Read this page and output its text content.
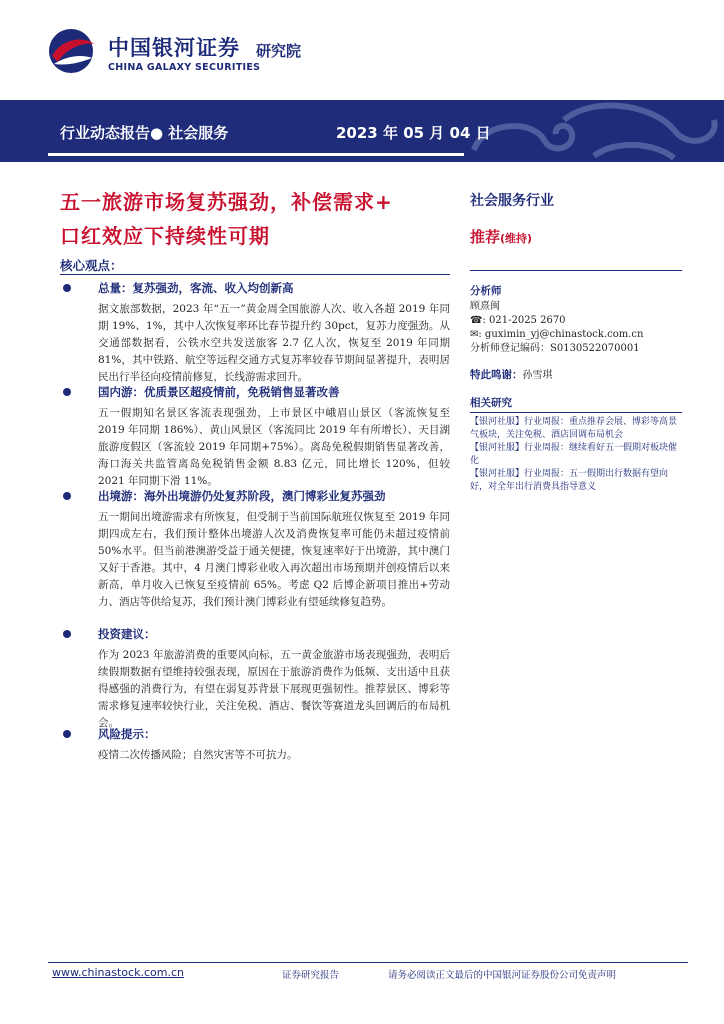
中国银河证券
CHINA GALAXY SECURITIES
研究院
行业动态报告● 社会服务	2023 年 05 月 04 日
五一旅游市场复苏强劲，补偿需求+
口红效应下持续性可期
核心观点：
总量：复苏强劲，客流、收入均创新高
据文旅部数据，2023 年“五一”黄金周全国旅游人次、收入各超 2019 年同期 19%、1%，其中人次恢复率环比春节提升约 30pct，复苏力度强劲。从交通部数据看，公铁水空共发送旅客 2.7 亿人次，恢复至 2019 年同期 81%，其中铁路、航空等远程交通方式复苏率较春节期间显著提升，表明居民出行半径向疫情前修复，长线游需求回升。
国内游：优质景区超疫情前，免税销售显著改善
五一假期知名景区客流表现强劲，上市景区中峨眉山景区（客流恢复至 2019 年同期 186%）、黄山风景区（客流同比 2019 年有所增长）、天目湖旅游度假区（客流较 2019 年同期+75%）。离岛免税假期销售显著改善，海口海关共监管离岛免税销售金额 8.83 亿元，同比增长 120%，但较 2021 年同期下滑 11%。
出境游：海外出境游仍处复苏阶段，澳门博彩业复苏强劲
五一期间出境游需求有所恢复，但受制于当前国际航班仅恢复至 2019 年同期四成左右，我们预计整体出境游人次及消费恢复率可能仍未超过疫情前 50%水平。但当前港澳游受益于通关便捷，恢复速率好于出境游，其中澳门又好于香港。其中，4 月澳门博彩业收入再次超出市场预期并创疫情后以来新高，单月收入已恢复至疫情前 65%。考虑 Q2 后博企新项目推出+劳动力、酒店等供给复苏，我们预计澳门博彩业有望延续修复趋势。
投资建议：
作为 2023 年旅游消费的重要风向标，五一黄金旅游市场表现强劲，表明后续假期数据有望维持较强表现，原因在于旅游消费作为低频、支出适中且获得感强的消费行为，有望在弱复苏背景下展现更强韧性。推荐景区、博彩等需求修复速率较快行业，关注免税、酒店、餐饮等赛道龙头回调后的布局机会。
风险提示：
疫情二次传播风险；自然灾害等不可抗力。
社会服务行业
推荐(维持)
分析师
顾熹闽
☎: 021-2025 2670
✉: guximin_yj@chinastock.com.cn
分析师登记编码：S0130522070001
特此鸣谢：孙雪琪
相关研究
【银河社服】行业周报：重点推荐会展、博彩等高景气板块，关注免税、酒店回调布局机会
【银河社服】行业周报：继续看好五一假期对板块催化
【银河社服】行业周报：五一假期出行数据有望向好，对全年出行消费具指导意义
www.chinastock.com.cn	证券研究报告	请务必阅读正文最后的中国银河证券股份公司免责声明
